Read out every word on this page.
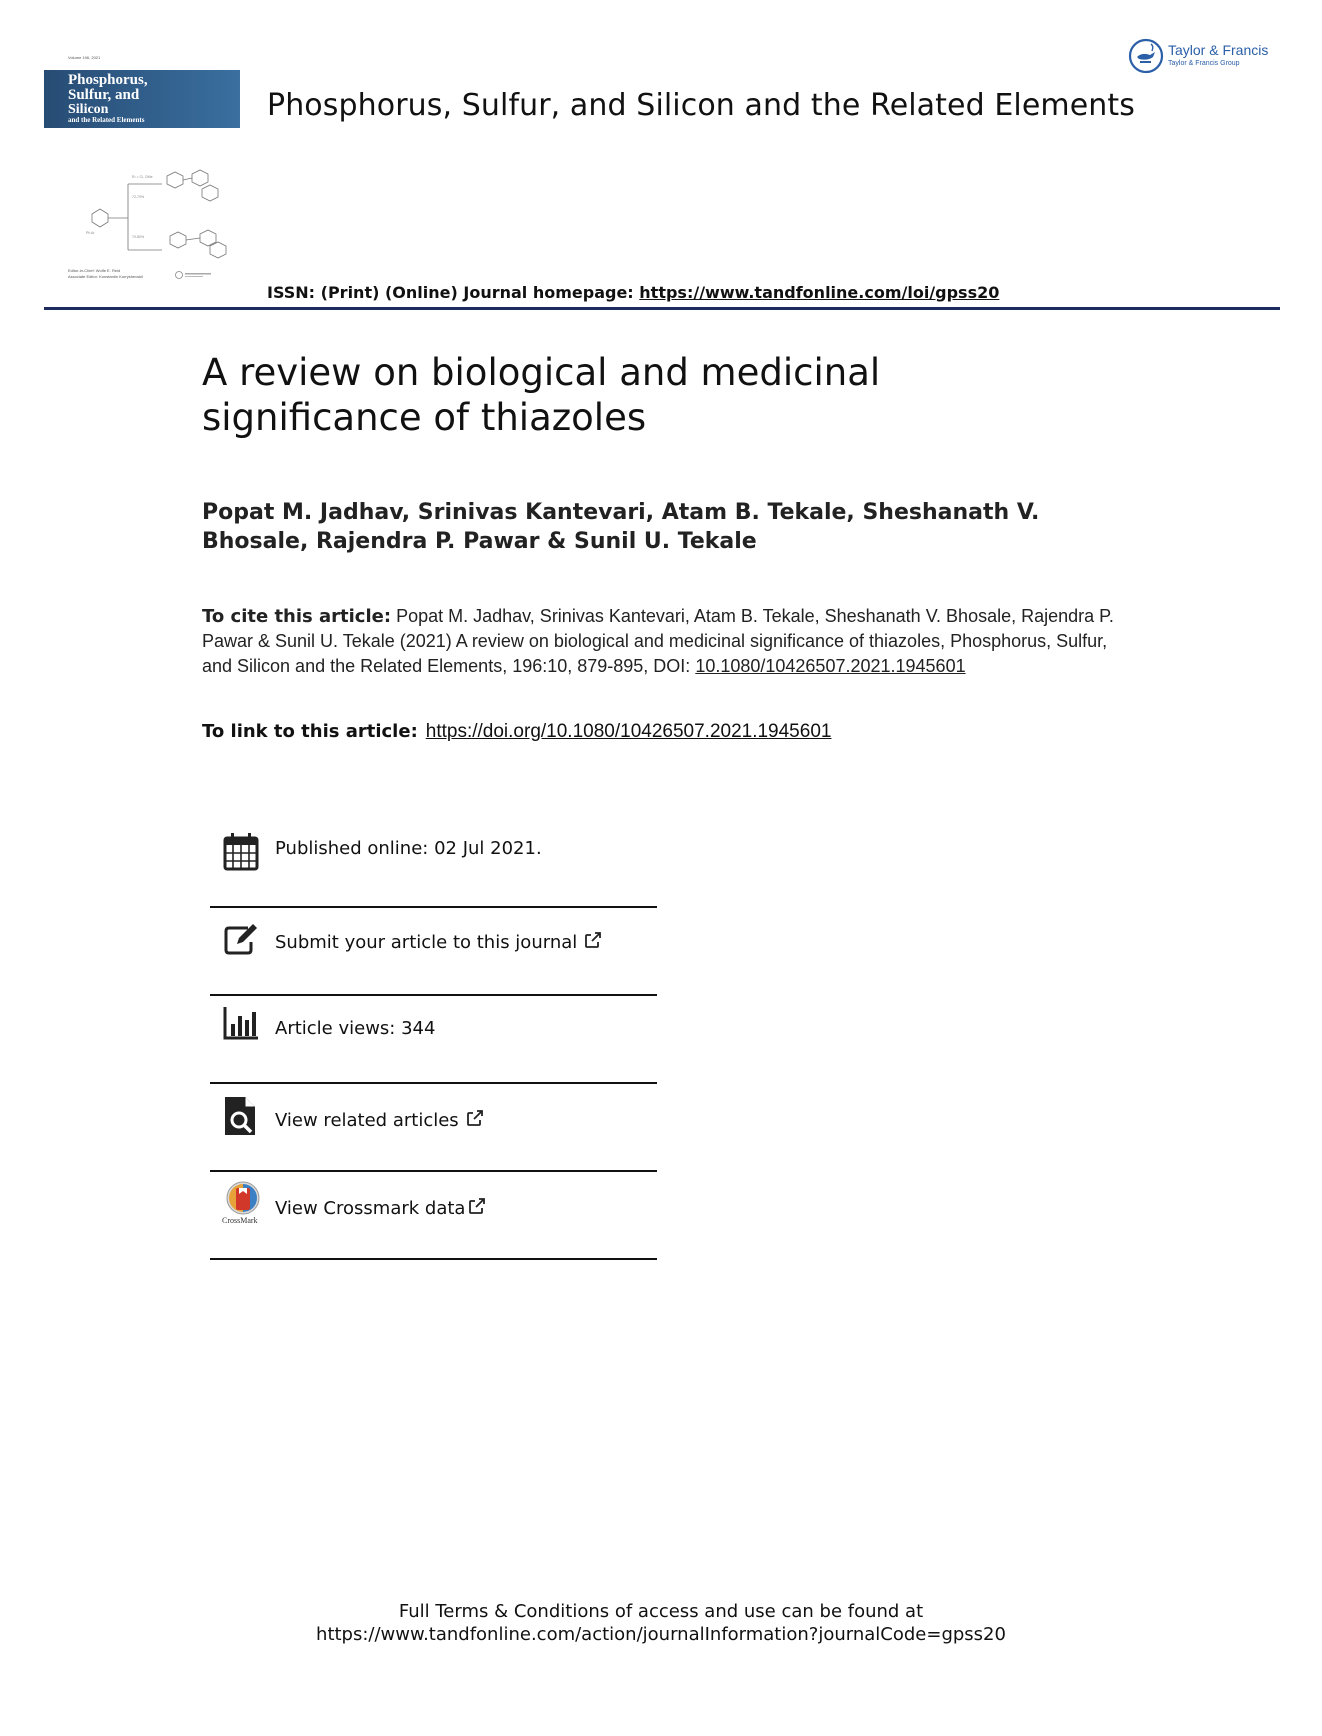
Volume 196, 2021
Phosphorus,
Sulfur, and
Silicon
and the Related Elements
R¹ = Cl, OMe
72-79%
70-80%
Ph Ar
Editor-in-Chief: Wolfe E. Reid
Associate Editor: Konstantin Kurryshevskii
Phosphorus, Sulfur, and Silicon and the Related Elements
Taylor & Francis
Taylor & Francis Group
ISSN: (Print) (Online) Journal homepage: https://www.tandfonline.com/loi/gpss20
A review on biological and medicinal significance of thiazoles
Popat M. Jadhav, Srinivas Kantevari, Atam B. Tekale, Sheshanath V. Bhosale, Rajendra P. Pawar & Sunil U. Tekale
To cite this article: Popat M. Jadhav, Srinivas Kantevari, Atam B. Tekale, Sheshanath V. Bhosale, Rajendra P. Pawar & Sunil U. Tekale (2021) A review on biological and medicinal significance of thiazoles, Phosphorus, Sulfur, and Silicon and the Related Elements, 196:10, 879-895, DOI: 10.1080/10426507.2021.1945601
To link to this article: https://doi.org/10.1080/10426507.2021.1945601
Published online: 02 Jul 2021.
Submit your article to this journal
Article views: 344
View related articles
CrossMark
View Crossmark data
Full Terms & Conditions of access and use can be found at
https://www.tandfonline.com/action/journalInformation?journalCode=gpss20
